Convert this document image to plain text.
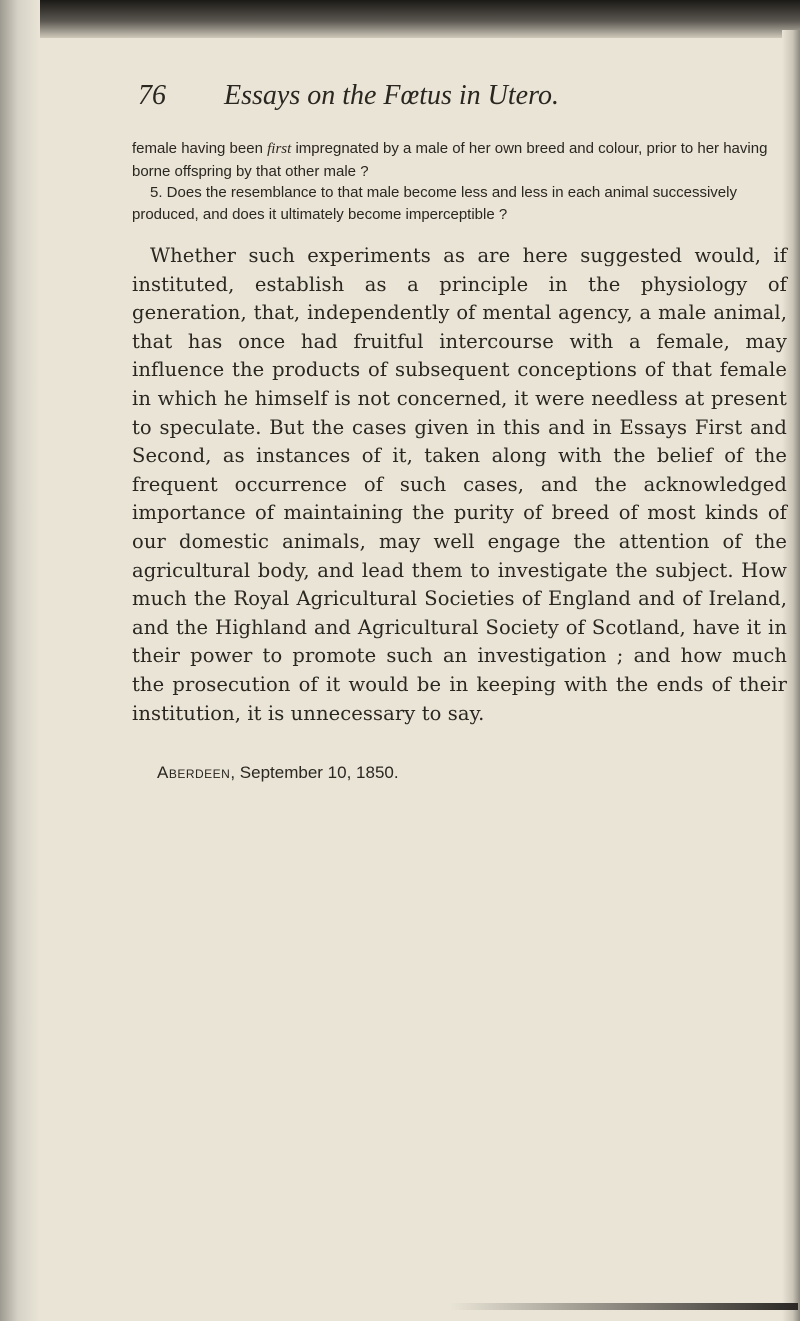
76 Essays on the Fœtus in Utero.

female having been first impregnated by a male of her own breed and colour, prior to her having borne offspring by that other male ?

5. Does the resemblance to that male become less and less in each animal successively produced, and does it ultimately become imperceptible ?

Whether such experiments as are here suggested would, if instituted, establish as a principle in the physiology of generation, that, independently of mental agency, a male animal, that has once had fruitful intercourse with a female, may influence the products of subsequent conceptions of that female in which he himself is not concerned, it were needless at present to speculate. But the cases given in this and in Essays First and Second, as instances of it, taken along with the belief of the frequent occurrence of such cases, and the acknowledged importance of maintaining the purity of breed of most kinds of our domestic animals, may well engage the attention of the agricultural body, and lead them to investigate the subject. How much the Royal Agricultural Societies of England and of Ireland, and the Highland and Agricultural Society of Scotland, have it in their power to promote such an investigation ; and how much the prosecution of it would be in keeping with the ends of their institution, it is unnecessary to say.

Aberdeen, September 10, 1850.
